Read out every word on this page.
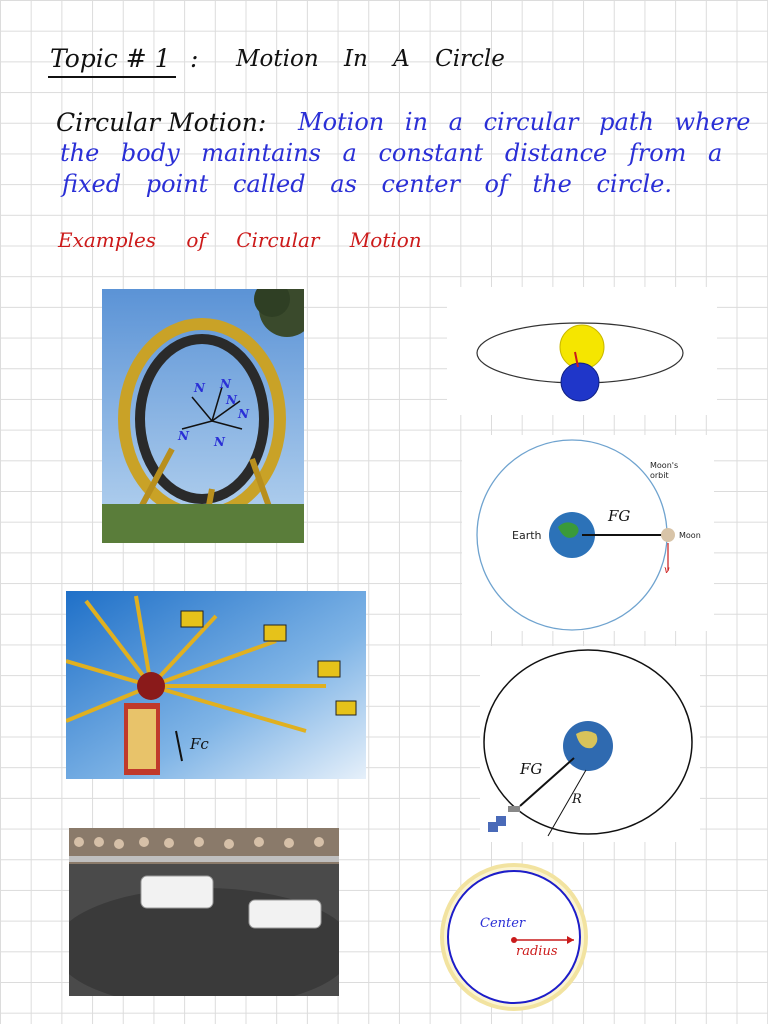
Topic # 1 : Motion In A Circle
Circular Motion: Motion in a circular path where
the body maintains a constant distance from a
fixed point called as center of the circle.
Examples of Circular Motion
N N
N
N
N N
Moon's
orbit
Earth	Moon
FG
v
Fc
FG
R
Center
radius
